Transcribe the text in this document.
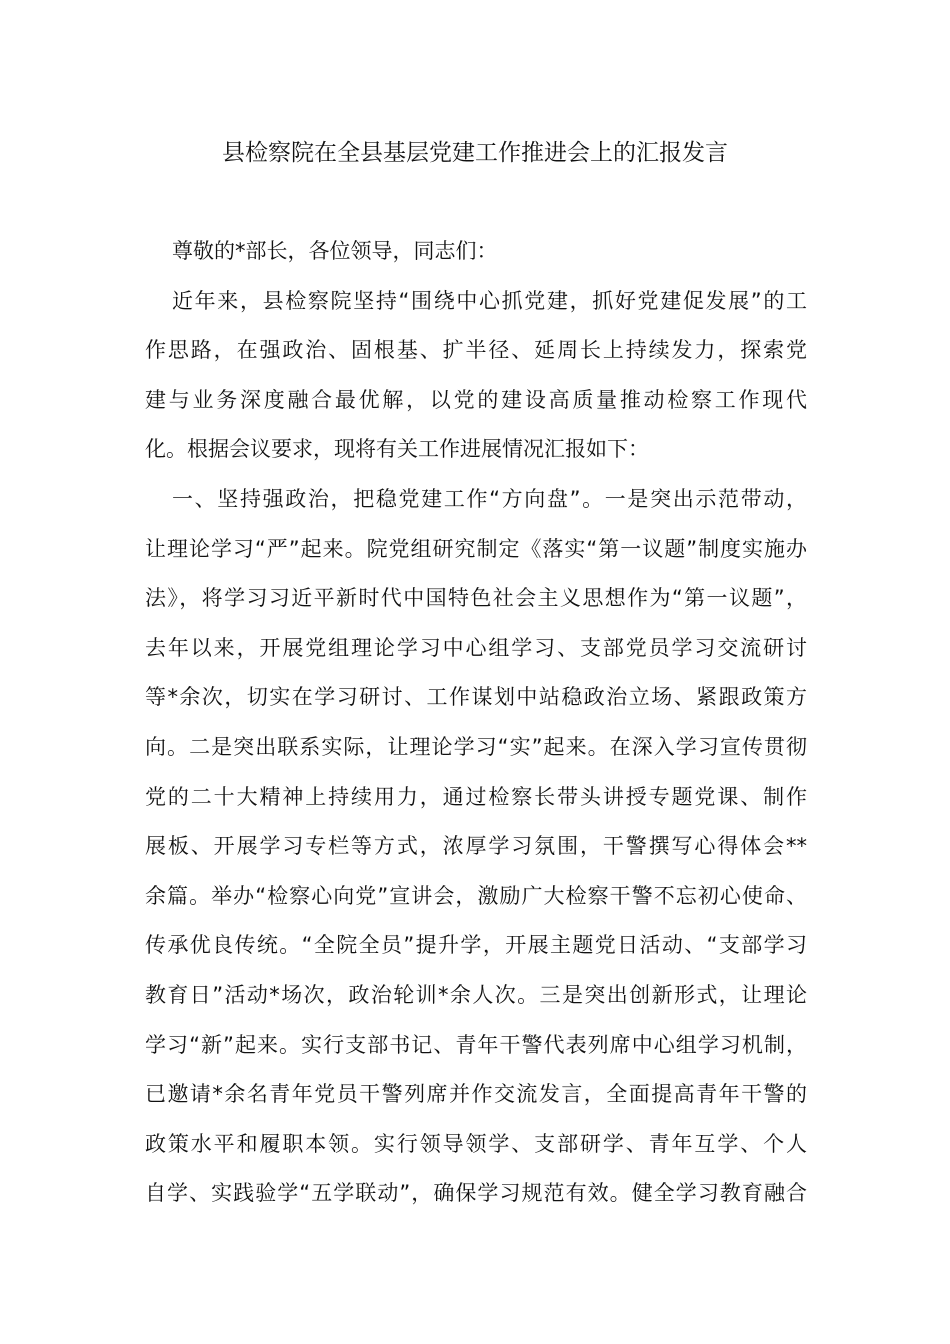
县检察院在全县基层党建工作推进会上的汇报发言

尊敬的*部长，各位领导，同志们：

近年来，县检察院坚持“围绕中心抓党建，抓好党建促发展”的工

作思路，在强政治、固根基、扩半径、延周长上持续发力，探索党

建与业务深度融合最优解，以党的建设高质量推动检察工作现代

化。根据会议要求，现将有关工作进展情况汇报如下：

一、坚持强政治，把稳党建工作“方向盘”。一是突出示范带动，

让理论学习“严”起来。院党组研究制定《落实“第一议题”制度实施办

法》，将学习习近平新时代中国特色社会主义思想作为“第一议题”，

去年以来，开展党组理论学习中心组学习、支部党员学习交流研讨

等*余次，切实在学习研讨、工作谋划中站稳政治立场、紧跟政策方

向。二是突出联系实际，让理论学习“实”起来。在深入学习宣传贯彻

党的二十大精神上持续用力，通过检察长带头讲授专题党课、制作

展板、开展学习专栏等方式，浓厚学习氛围，干警撰写心得体会**

余篇。举办“检察心向党”宣讲会，激励广大检察干警不忘初心使命、

传承优良传统。“全院全员”提升学，开展主题党日活动、“支部学习

教育日”活动*场次，政治轮训*余人次。三是突出创新形式，让理论

学习“新”起来。实行支部书记、青年干警代表列席中心组学习机制，

已邀请*余名青年党员干警列席并作交流发言，全面提高青年干警的

政策水平和履职本领。实行领导领学、支部研学、青年互学、个人

自学、实践验学“五学联动”，确保学习规范有效。健全学习教育融合
